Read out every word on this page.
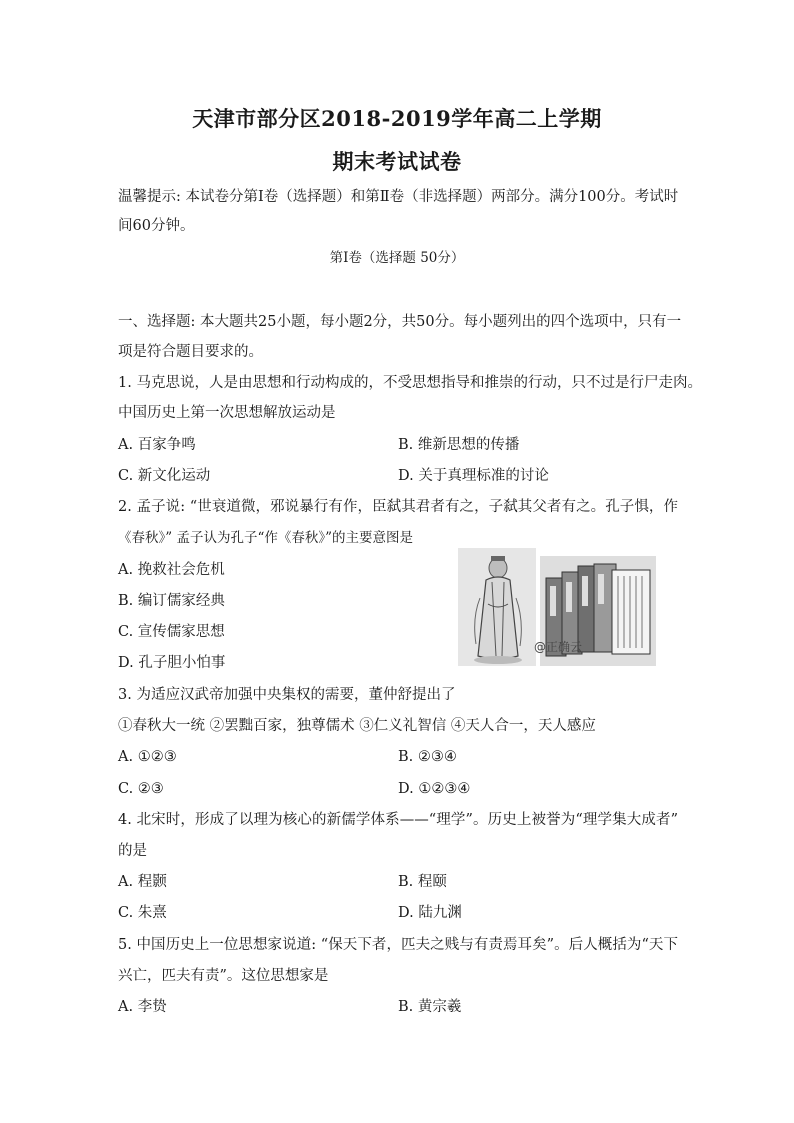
天津市部分区2018-2019学年高二上学期
期末考试试卷
温馨提示: 本试卷分第Ⅰ卷（选择题）和第Ⅱ卷（非选择题）两部分。满分100分。考试时
间60分钟。
第Ⅰ卷（选择题 50分）
一、选择题: 本大题共25小题，每小题2分，共50分。每小题列出的四个选项中，只有一
项是符合题目要求的。
1. 马克思说，人是由思想和行动构成的，不受思想指导和推崇的行动，只不过是行尸走肉。
中国历史上第一次思想解放运动是
A. 百家争鸣	B. 维新思想的传播
C. 新文化运动	D. 关于真理标准的讨论
2. 孟子说: “世衰道微，邪说暴行有作，臣弑其君者有之，子弑其父者有之。孔子惧，作
《春秋》” 孟子认为孔子“作《春秋》”的主要意图是
A. 挽救社会危机
B. 编订儒家经典
C. 宣传儒家思想
D. 孔子胆小怕事
@正确云
3. 为适应汉武帝加强中央集权的需要，董仲舒提出了
①春秋大一统 ②罢黜百家，独尊儒术 ③仁义礼智信 ④天人合一，天人感应
A. ①②③	B. ②③④
C. ②③	D. ①②③④
4. 北宋时，形成了以理为核心的新儒学体系——“理学”。历史上被誉为“理学集大成者”
的是
A. 程颢	B. 程颐
C. 朱熹	D. 陆九渊
5. 中国历史上一位思想家说道: “保天下者，匹夫之贱与有责焉耳矣”。后人概括为“天下
兴亡，匹夫有责”。这位思想家是
A. 李贽	B. 黄宗羲
